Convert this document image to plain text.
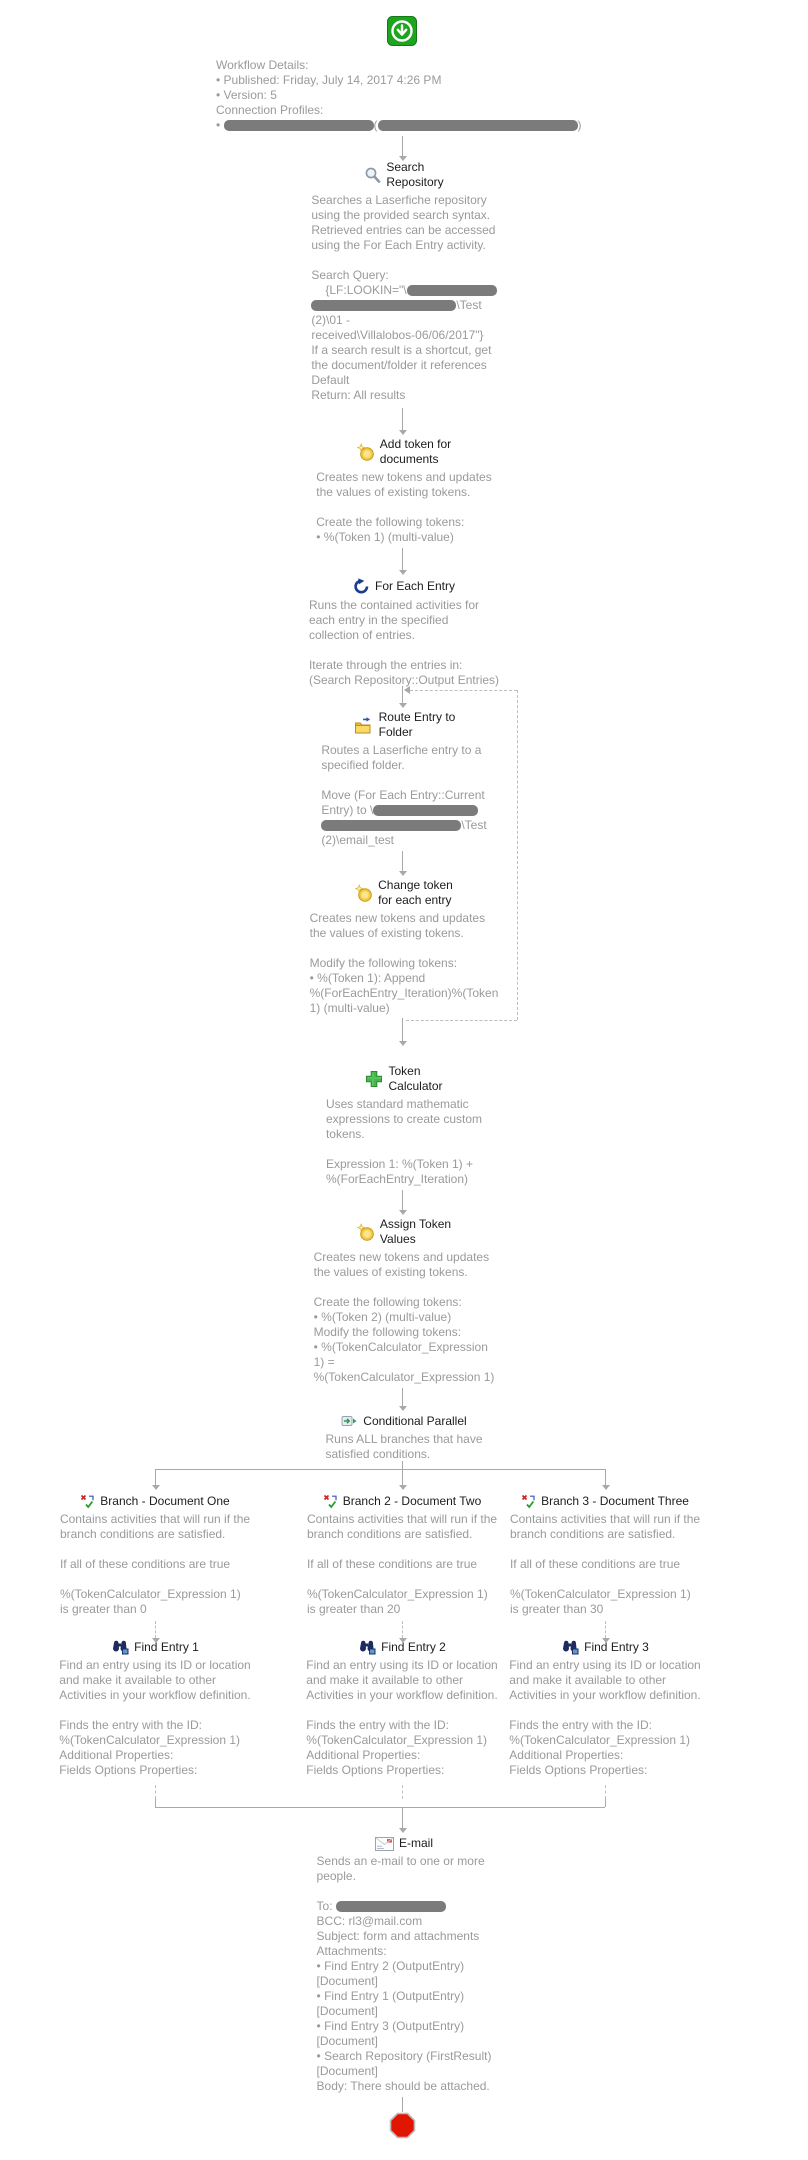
Workflow Details:
• Published: Friday, July 14, 2017 4:26 PM
• Version: 5
Connection Profiles:
•	(	)
Search
Repository
Searches a Laserfiche repository
using the provided search syntax.
Retrieved entries can be accessed
using the For Each Entry activity.
Search Query:
{LF:LOOKIN="\
\Test
(2)\01 -
received\Villalobos-06/06/2017"}
If a search result is a shortcut, get
the document/folder it references
Default
Return: All results
Add token for
documents
Creates new tokens and updates
the values of existing tokens.
Create the following tokens:
• %(Token 1) (multi-value)
For Each Entry
Runs the contained activities for
each entry in the specified
collection of entries.
Iterate through the entries in:
(Search Repository::Output Entries)
Route Entry to
Folder
Routes a Laserfiche entry to a
specified folder.
Move (For Each Entry::Current
Entry) to \
\Test
(2)\email_test
Change token
for each entry
Creates new tokens and updates
the values of existing tokens.
Modify the following tokens:
• %(Token 1): Append
%(ForEachEntry_Iteration)%(Token
1) (multi-value)
Token
Calculator
Uses standard mathematic
expressions to create custom
tokens.
Expression 1: %(Token 1) +
%(ForEachEntry_Iteration)
Assign Token
Values
Creates new tokens and updates
the values of existing tokens.
Create the following tokens:
• %(Token 2) (multi-value)
Modify the following tokens:
• %(TokenCalculator_Expression
1) =
%(TokenCalculator_Expression 1)
Conditional Parallel
Runs ALL branches that have
satisfied conditions.
Branch - Document One
Contains activities that will run if the
branch conditions are satisfied.
If all of these conditions are true
%(TokenCalculator_Expression 1)
is greater than 0
Find Entry 1
Find an entry using its ID or location
and make it available to other
Activities in your workflow definition.
Finds the entry with the ID:
%(TokenCalculator_Expression 1)
Additional Properties:
Fields Options Properties:
Branch 2 - Document Two
Contains activities that will run if the
branch conditions are satisfied.
If all of these conditions are true
%(TokenCalculator_Expression 1)
is greater than 20
Find Entry 2
Find an entry using its ID or location
and make it available to other
Activities in your workflow definition.
Finds the entry with the ID:
%(TokenCalculator_Expression 1)
Additional Properties:
Fields Options Properties:
Branch 3 - Document Three
Contains activities that will run if the
branch conditions are satisfied.
If all of these conditions are true
%(TokenCalculator_Expression 1)
is greater than 30
Find Entry 3
Find an entry using its ID or location
and make it available to other
Activities in your workflow definition.
Finds the entry with the ID:
%(TokenCalculator_Expression 1)
Additional Properties:
Fields Options Properties:
E-mail
Sends an e-mail to one or more
people.
To:
BCC: rl3@mail.com
Subject: form and attachments
Attachments:
• Find Entry 2 (OutputEntry)
[Document]
• Find Entry 1 (OutputEntry)
[Document]
• Find Entry 3 (OutputEntry)
[Document]
• Search Repository (FirstResult)
[Document]
Body: There should be attached.
